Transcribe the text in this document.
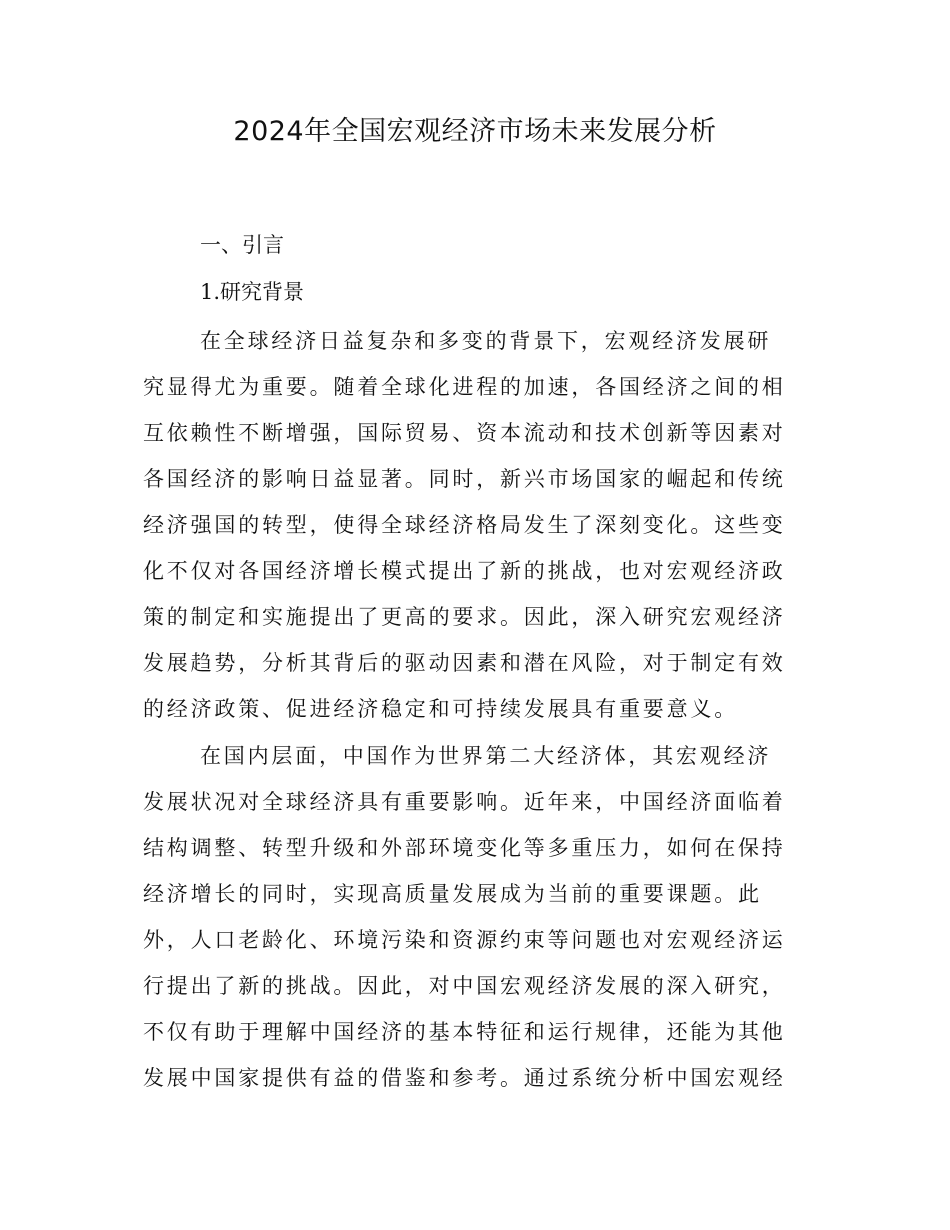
2024年全国宏观经济市场未来发展分析
一、引言
1.研究背景
在全球经济日益复杂和多变的背景下，宏观经济发展研
究显得尤为重要。随着全球化进程的加速，各国经济之间的相
互依赖性不断增强，国际贸易、资本流动和技术创新等因素对
各国经济的影响日益显著。同时，新兴市场国家的崛起和传统
经济强国的转型，使得全球经济格局发生了深刻变化。这些变
化不仅对各国经济增长模式提出了新的挑战，也对宏观经济政
策的制定和实施提出了更高的要求。因此，深入研究宏观经济
发展趋势，分析其背后的驱动因素和潜在风险，对于制定有效
的经济政策、促进经济稳定和可持续发展具有重要意义。
在国内层面，中国作为世界第二大经济体，其宏观经济
发展状况对全球经济具有重要影响。近年来，中国经济面临着
结构调整、转型升级和外部环境变化等多重压力，如何在保持
经济增长的同时，实现高质量发展成为当前的重要课题。此
外，人口老龄化、环境污染和资源约束等问题也对宏观经济运
行提出了新的挑战。因此，对中国宏观经济发展的深入研究，
不仅有助于理解中国经济的基本特征和运行规律，还能为其他
发展中国家提供有益的借鉴和参考。通过系统分析中国宏观经
